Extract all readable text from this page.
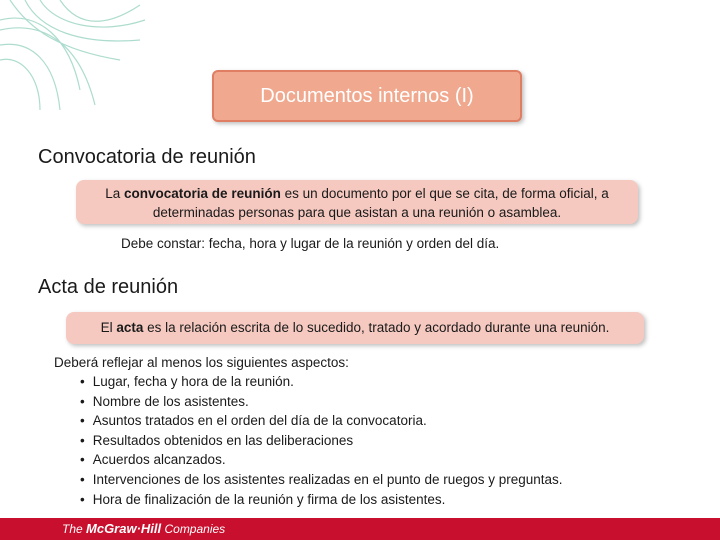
Documentos internos (I)
Convocatoria de reunión
La convocatoria de reunión es un documento por el que se cita, de forma oficial, a determinadas personas para que asistan a una reunión o asamblea.
Debe constar: fecha, hora y lugar de la reunión y orden del día.
Acta de reunión
El acta es la relación escrita de lo sucedido, tratado y acordado durante una reunión.
Deberá reflejar al menos los siguientes aspectos:
• Lugar, fecha y hora de la reunión.
• Nombre de los asistentes.
• Asuntos tratados en el orden del día de la convocatoria.
• Resultados obtenidos en las deliberaciones
• Acuerdos alcanzados.
• Intervenciones de los asistentes realizadas en el punto de ruegos y preguntas.
• Hora de finalización de la reunión y firma de los asistentes.
The McGraw·Hill Companies
